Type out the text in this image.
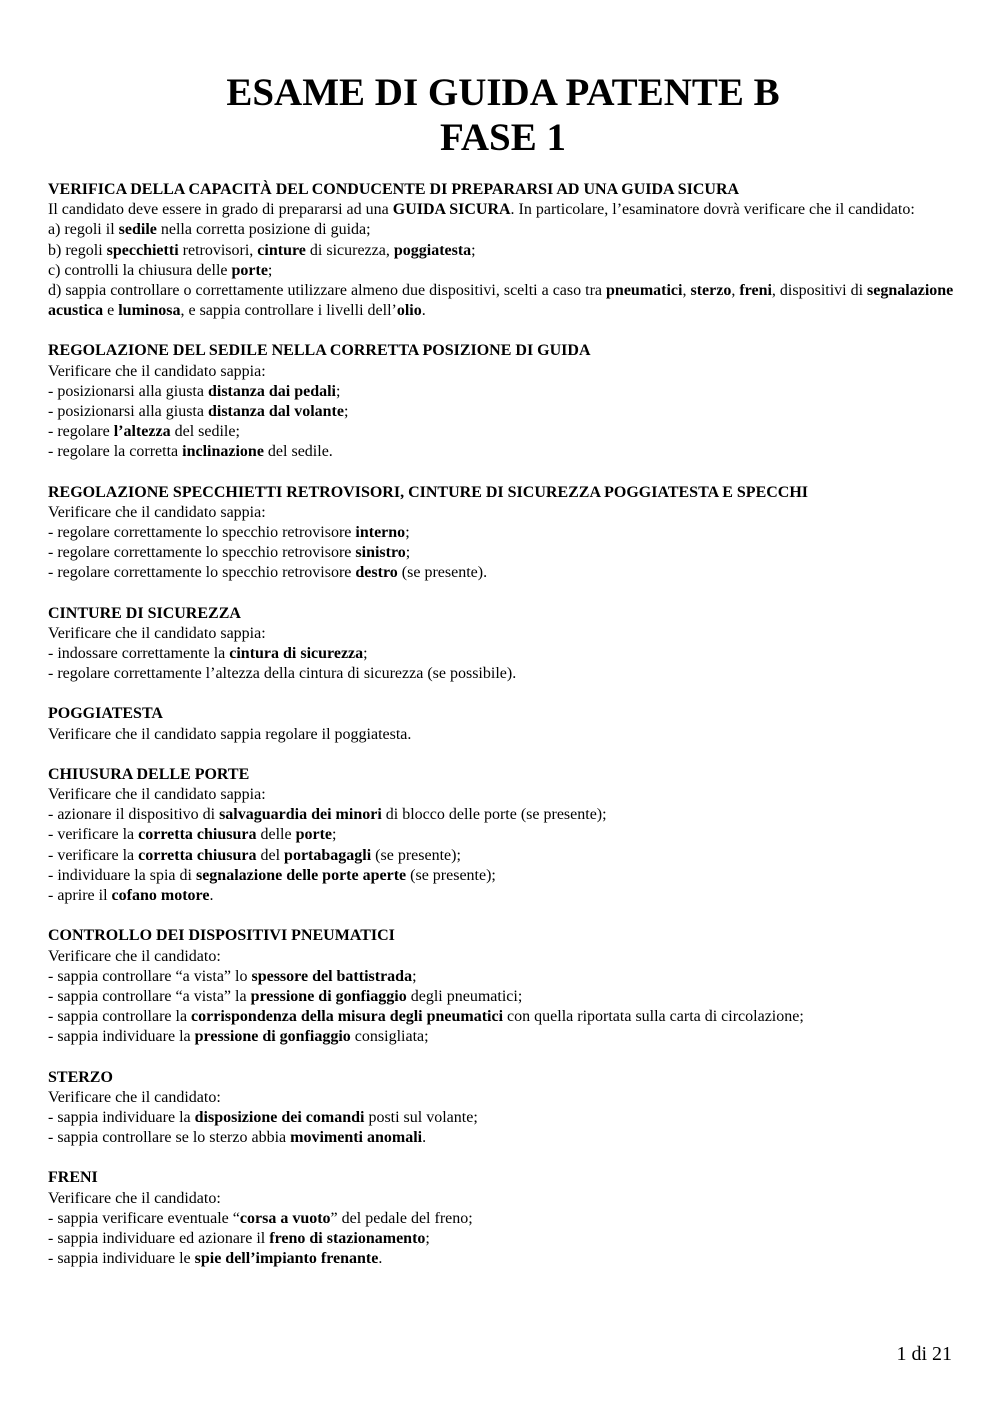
ESAME DI GUIDA PATENTE B
FASE 1
VERIFICA DELLA CAPACITÀ DEL CONDUCENTE DI PREPARARSI AD UNA GUIDA SICURA
Il candidato deve essere in grado di prepararsi ad una GUIDA SICURA. In particolare, l’esaminatore dovrà verificare che il candidato:
a) regoli il sedile nella corretta posizione di guida;
b) regoli specchietti retrovisori, cinture di sicurezza, poggiatesta;
c) controlli la chiusura delle porte;
d) sappia controllare o correttamente utilizzare almeno due dispositivi, scelti a caso tra pneumatici, sterzo, freni, dispositivi di segnalazione acustica e luminosa, e sappia controllare i livelli dell’olio.
REGOLAZIONE DEL SEDILE NELLA CORRETTA POSIZIONE DI GUIDA
Verificare che il candidato sappia:
- posizionarsi alla giusta distanza dai pedali;
- posizionarsi alla giusta distanza dal volante;
- regolare l’altezza del sedile;
- regolare la corretta inclinazione del sedile.
REGOLAZIONE SPECCHIETTI RETROVISORI, CINTURE DI SICUREZZA POGGIATESTA E SPECCHI
Verificare che il candidato sappia:
- regolare correttamente lo specchio retrovisore interno;
- regolare correttamente lo specchio retrovisore sinistro;
- regolare correttamente lo specchio retrovisore destro (se presente).
CINTURE DI SICUREZZA
Verificare che il candidato sappia:
- indossare correttamente la cintura di sicurezza;
- regolare correttamente l’altezza della cintura di sicurezza (se possibile).
POGGIATESTA
Verificare che il candidato sappia regolare il poggiatesta.
CHIUSURA DELLE PORTE
Verificare che il candidato sappia:
- azionare il dispositivo di salvaguardia dei minori di blocco delle porte (se presente);
- verificare la corretta chiusura delle porte;
- verificare la corretta chiusura del portabagagli (se presente);
- individuare la spia di segnalazione delle porte aperte (se presente);
- aprire il cofano motore.
CONTROLLO DEI DISPOSITIVI PNEUMATICI
Verificare che il candidato:
- sappia controllare “a vista” lo spessore del battistrada;
- sappia controllare “a vista” la pressione di gonfiaggio degli pneumatici;
- sappia controllare la corrispondenza della misura degli pneumatici con quella riportata sulla carta di circolazione;
- sappia individuare la pressione di gonfiaggio consigliata;
STERZO
Verificare che il candidato:
- sappia individuare la disposizione dei comandi posti sul volante;
- sappia controllare se lo sterzo abbia movimenti anomali.
FRENI
Verificare che il candidato:
- sappia verificare eventuale “corsa a vuoto” del pedale del freno;
- sappia individuare ed azionare il freno di stazionamento;
- sappia individuare le spie dell’impianto frenante.
1 di 21
